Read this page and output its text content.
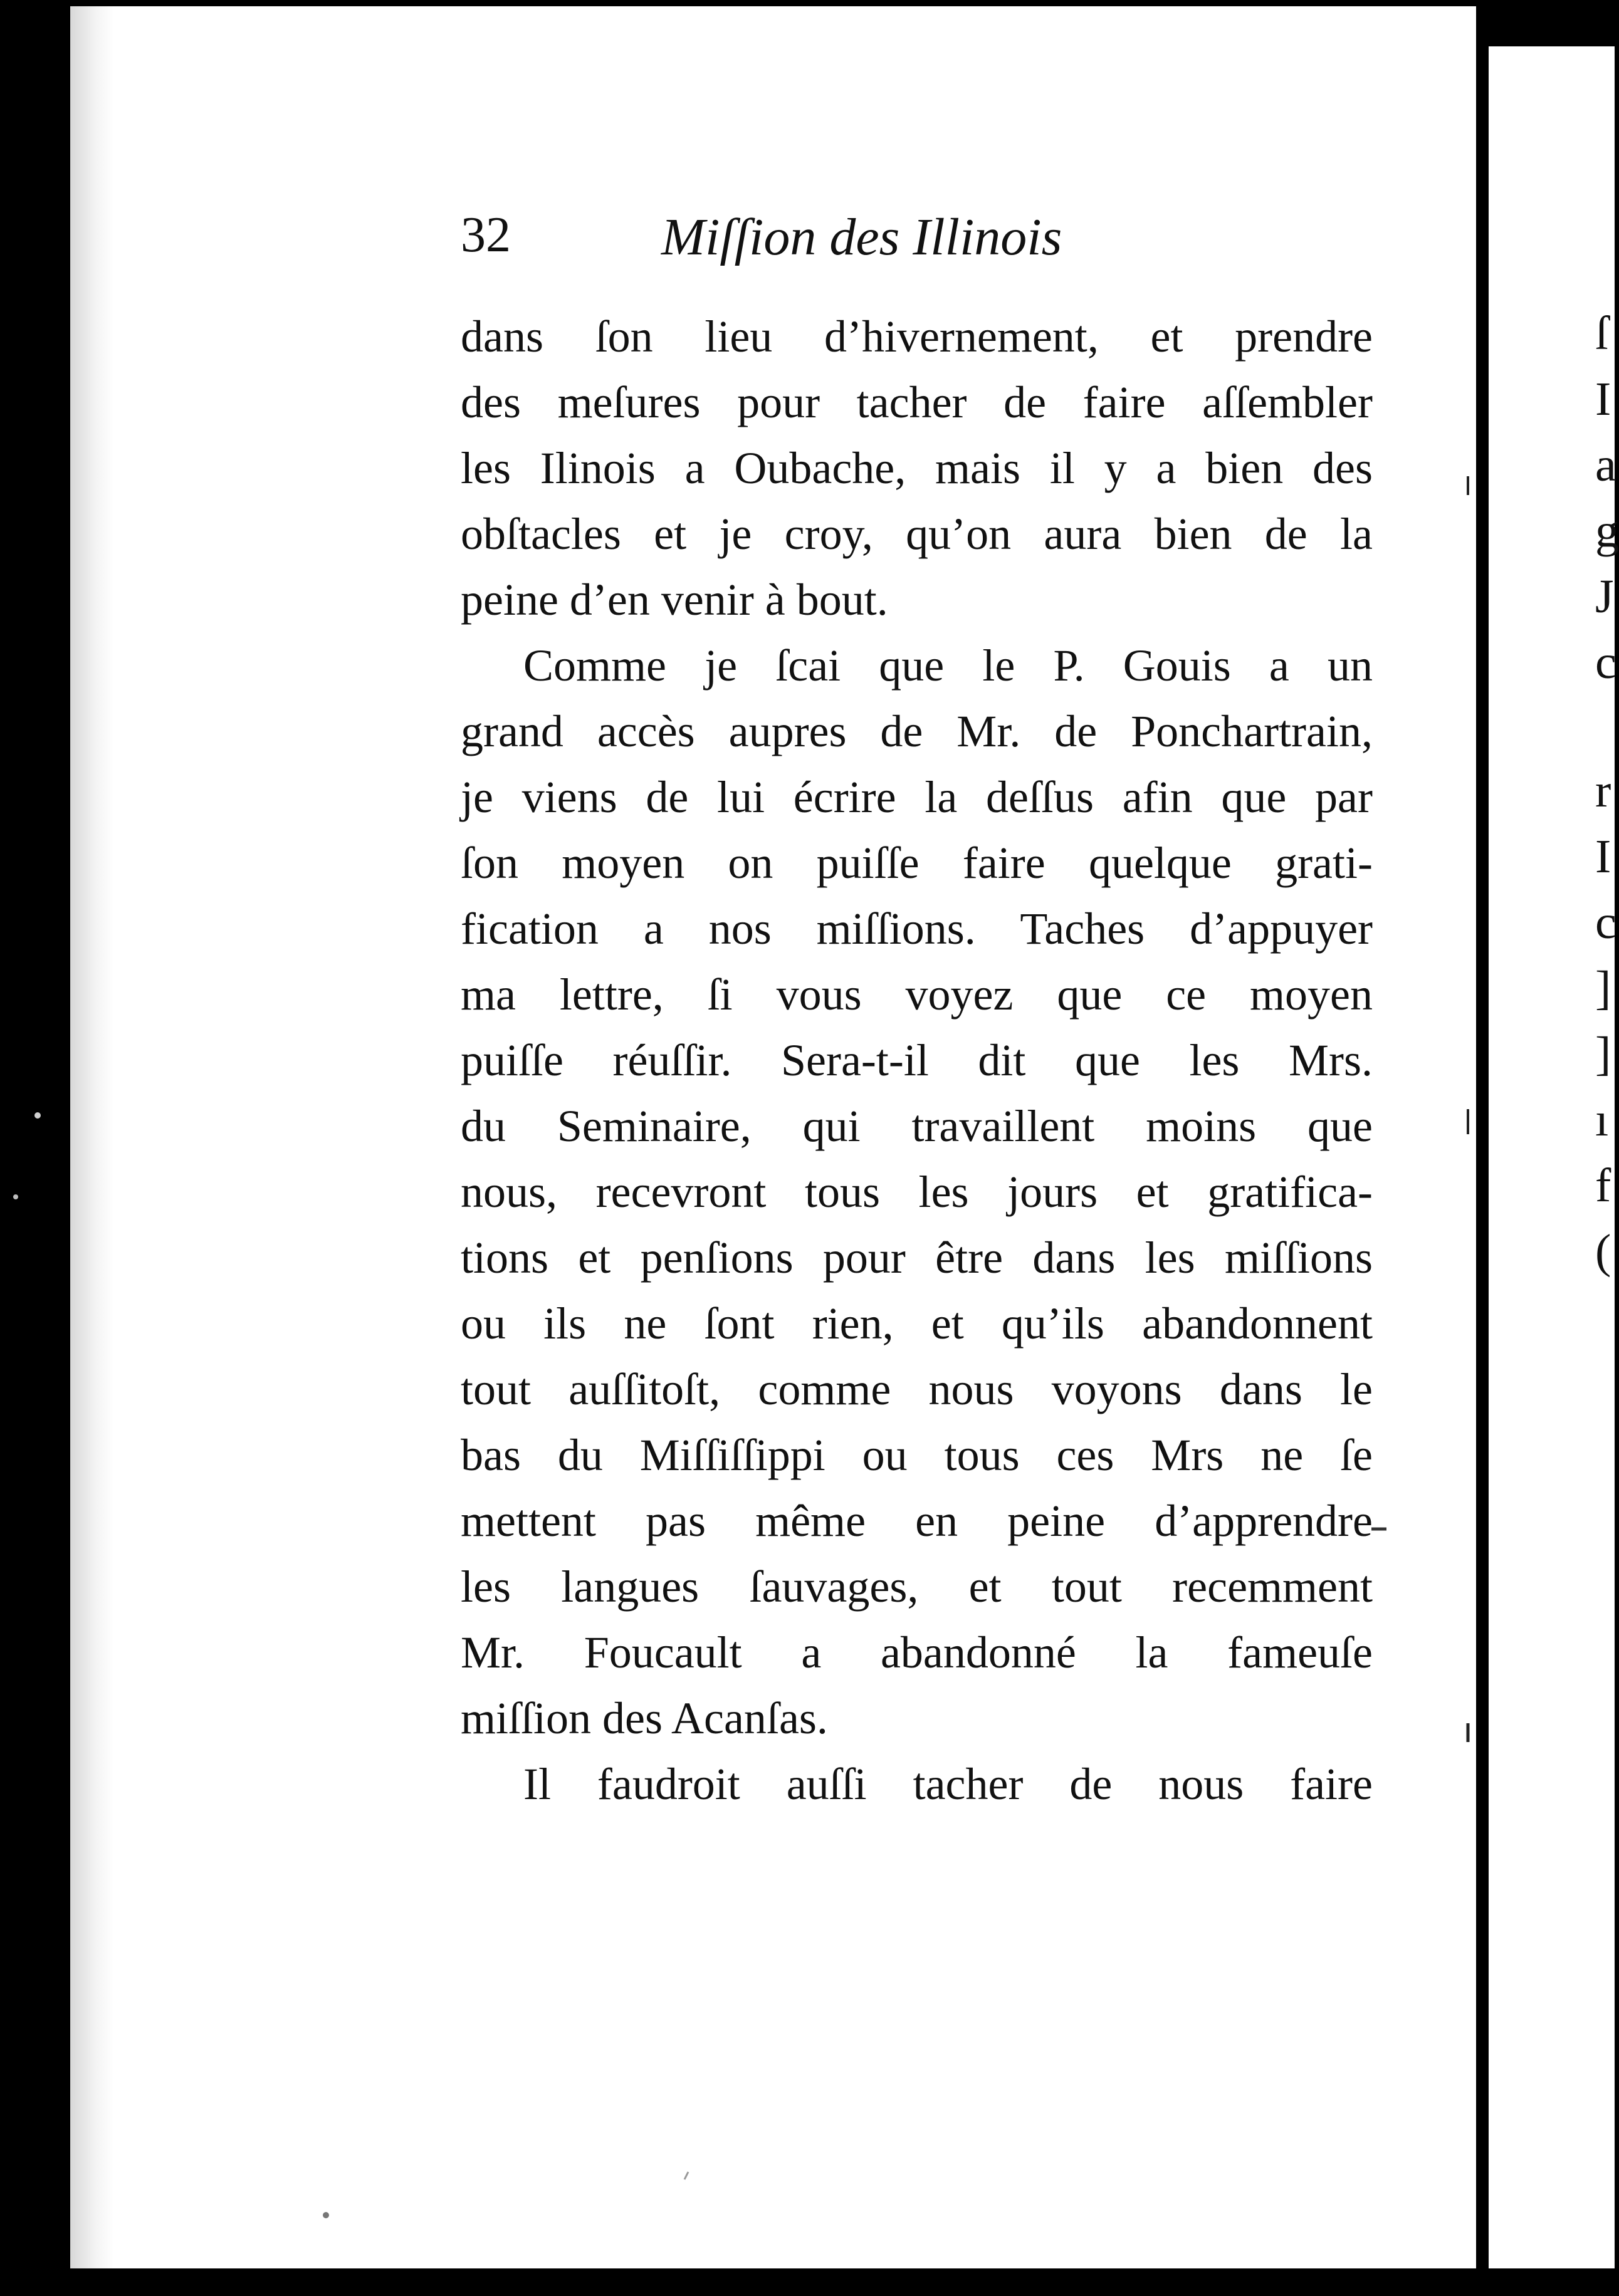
ſ
I
a
g
J
c
r
I
c
]
]
ı
f
(
32	Miſſion des Illinois
dans ſon lieu d’hivernement, et prendre
des meſures pour tacher de faire aſſembler
les Ilinois a Oubache, mais il y a bien des
obſtacles et je croy, qu’on aura bien de la
peine d’en venir à bout.
Comme je ſcai que le P. Gouis a un
grand accès aupres de Mr. de Ponchartrain,
je viens de lui écrire la deſſus afin que par
ſon moyen on puiſſe faire quelque grati-
fication a nos miſſions. Taches d’appuyer
ma lettre, ſi vous voyez que ce moyen
puiſſe réuſſir. Sera-t-il dit que les Mrs.
du Seminaire, qui travaillent moins que
nous, recevront tous les jours et gratifica-
tions et penſions pour être dans les miſſions
ou ils ne ſont rien, et qu’ils abandonnent
tout auſſitoſt, comme nous voyons dans le
bas du Miſſiſſippi ou tous ces Mrs ne ſe
mettent pas même en peine d’apprendre
les langues ſauvages, et tout recemment
Mr. Foucault a abandonné la fameuſe
miſſion des Acanſas.
Il faudroit auſſi tacher de nous faire
